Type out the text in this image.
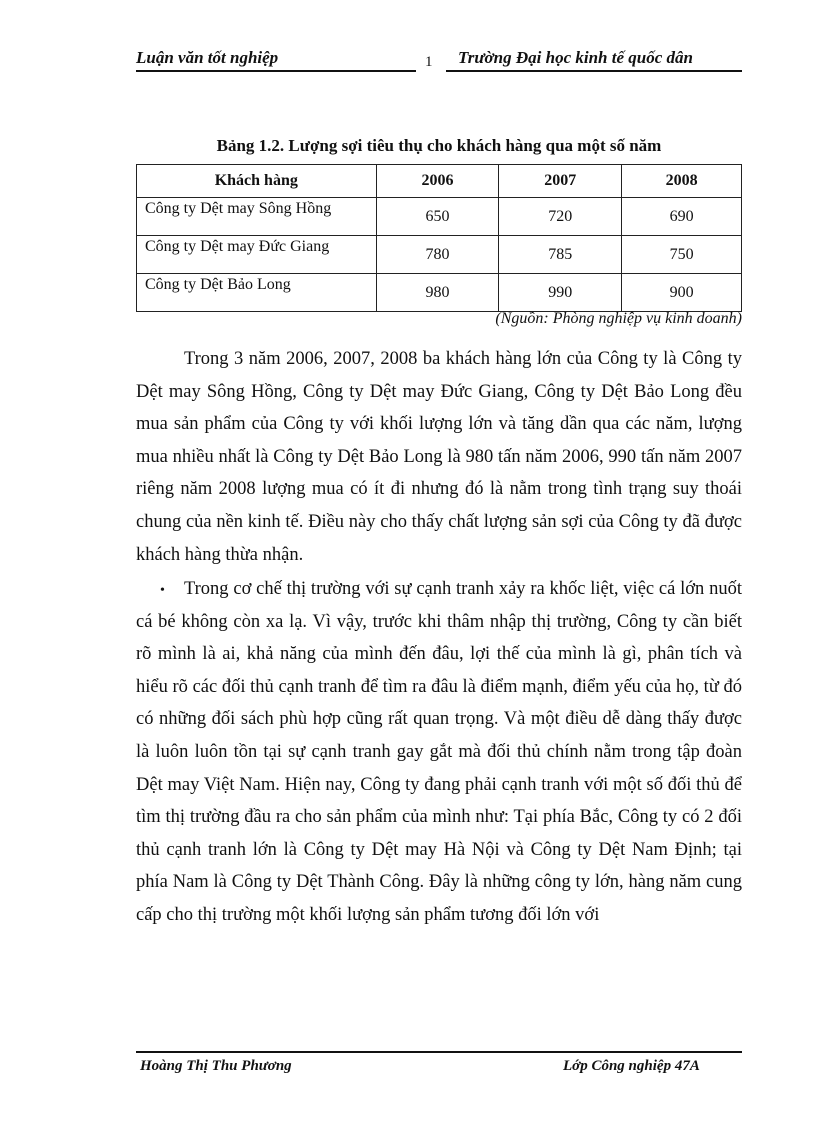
Luận văn tốt nghiệp	1 Trường Đại học kinh tế quốc dân
Bảng 1.2. Lượng sợi tiêu thụ cho khách hàng qua một số năm
Khách hàng	2006	2007	2008
Công ty Dệt may Sông Hồng	650	720	690
Công ty Dệt may Đức Giang	780	785	750
Công ty Dệt Bảo Long	980	990	900
(Nguồn: Phòng nghiệp vụ kinh doanh)

Trong 3 năm 2006, 2007, 2008 ba khách hàng lớn của Công ty là Công ty Dệt may Sông Hồng, Công ty Dệt may Đức Giang, Công ty Dệt Bảo Long đều mua sản phẩm của Công ty với khối lượng lớn và tăng dần qua các năm, lượng mua nhiều nhất là Công ty Dệt Bảo Long là 980 tấn năm 2006, 990 tấn năm 2007 riêng năm 2008 lượng mua có ít đi nhưng đó là nằm trong tình trạng suy thoái chung của nền kinh tế. Điều này cho thấy chất lượng sản sợi của Công ty đã được khách hàng thừa nhận.

•	Trong cơ chế thị trường với sự cạnh tranh xảy ra khốc liệt, việc cá lớn nuốt cá bé không còn xa lạ. Vì vậy, trước khi thâm nhập thị trường, Công ty cần biết rõ mình là ai, khả năng của mình đến đâu, lợi thế của mình là gì, phân tích và hiểu rõ các đối thủ cạnh tranh để tìm ra đâu là điểm mạnh, điểm yếu của họ, từ đó có những đối sách phù hợp cũng rất quan trọng. Và một điều dễ dàng thấy được là luôn luôn tồn tại sự cạnh tranh gay gắt mà đối thủ chính nằm trong tập đoàn Dệt may Việt Nam. Hiện nay, Công ty đang phải cạnh tranh với một số đối thủ để tìm thị trường đầu ra cho sản phẩm của mình như: Tại phía Bắc, Công ty có 2 đối thủ cạnh tranh lớn là Công ty Dệt may Hà Nội và Công ty Dệt Nam Định; tại phía Nam là Công ty Dệt Thành Công. Đây là những công ty lớn, hàng năm cung cấp cho thị trường một khối lượng sản phẩm tương đối lớn với

Hoàng Thị Thu Phương	Lớp Công nghiệp 47A
